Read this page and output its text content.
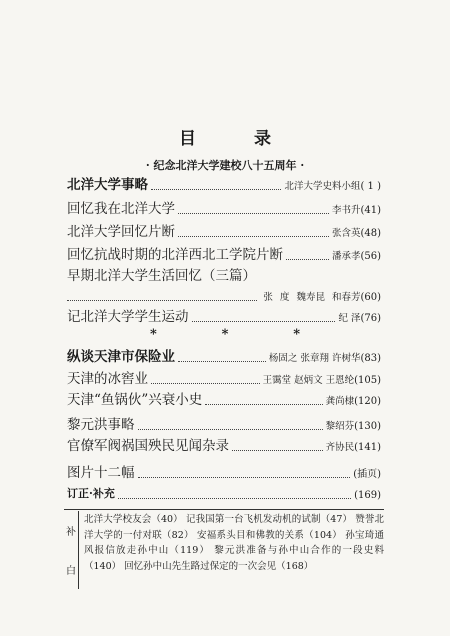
目 录
· 纪念北洋大学建校八十五周年 ·
北洋大学事略	北洋大学史料小组 ( 1 )
回忆我在北洋大学	李书升 (41)
北洋大学回忆片断	张含英 (48)
回忆抗战时期的北洋西北工学院片断	潘承孝 (56)
早期北洋大学生活回忆（三篇）
张 度 魏寿昆 和春芳 (60)
记北洋大学学生运动	纪 泽 (76)
*	*	*
纵谈天津市保险业	杨固之 张章翔 许树华 (83)
天津的冰窖业	王霭堂 赵炳文 王恩纶 (105)
天津“鱼锅伙”兴衰小史	龚尚棣 (120)
黎元洪事略	黎绍芬 (130)
官僚军阀祸国殃民见闻杂录	齐协民 (141)
图片十二幅	(插页)
订正·补充	(169)
补
白
北洋大学校友会（40） 记我国第一台飞机发动机的试制（47） 赞誉北洋大学的一付对联（82） 安福系头目和佛教的关系（104） 孙宝琦通风报信放走孙中山（119） 黎元洪准备与孙中山合作的一段史料（140） 回忆孙中山先生路过保定的一次会见（168）
